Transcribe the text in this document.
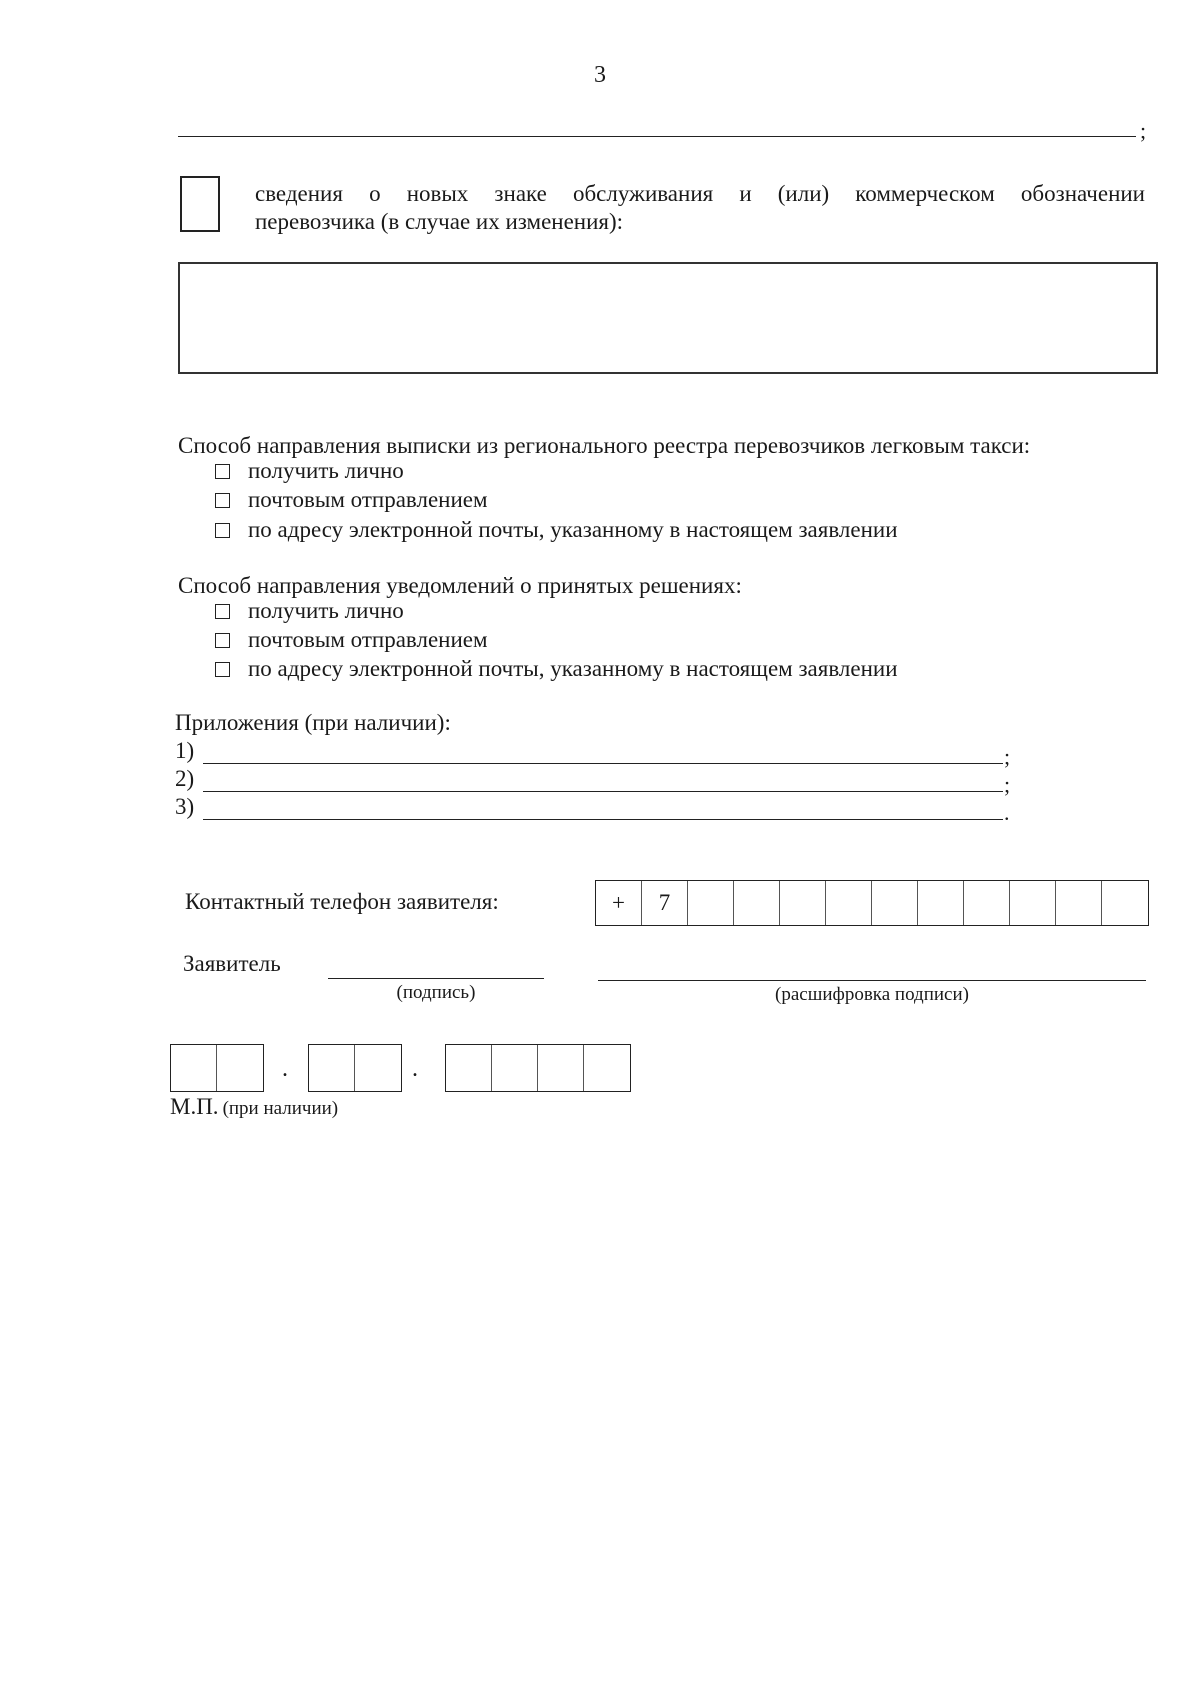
3
;
сведения о новых знаке обслуживания и (или) коммерческом обозначении
перевозчика (в случае их изменения):
Способ направления выписки из регионального реестра перевозчиков легковым такси:
получить лично
почтовым отправлением
по адресу электронной почты, указанному в настоящем заявлении
Способ направления уведомлений о принятых решениях:
получить лично
почтовым отправлением
по адресу электронной почты, указанному в настоящем заявлении
Приложения (при наличии):
1)	;
2)	;
3)	.
Контактный телефон заявителя:	+	7
Заявитель
(подпись)	(расшифровка подписи)
.	.
М.П. (при наличии)
